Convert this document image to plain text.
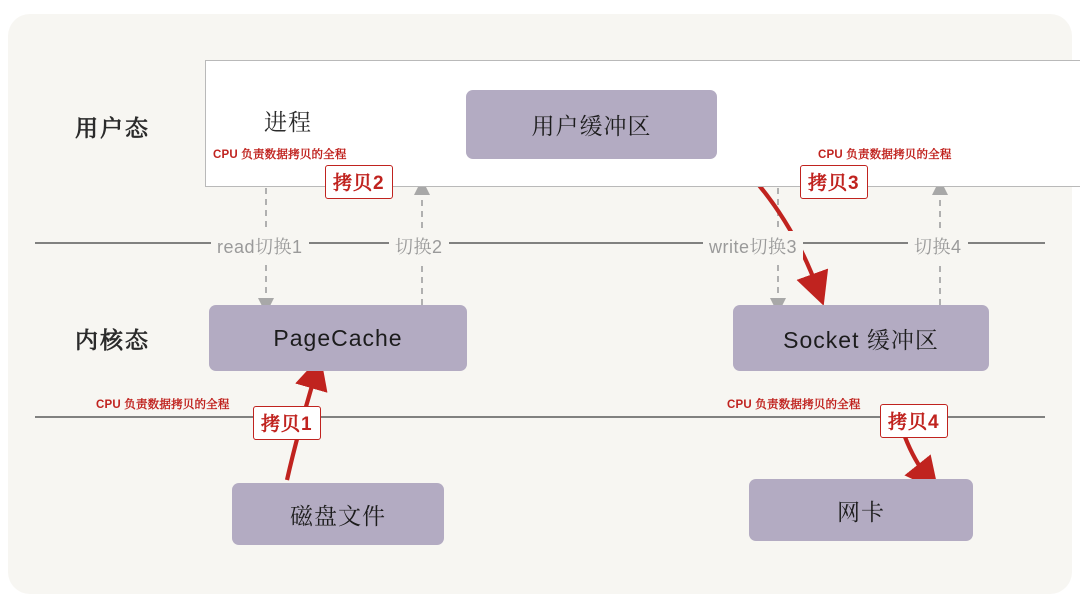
用户态
内核态
进程	用户缓冲区
PageCache	Socket 缓冲区
磁盘文件	网卡
CPU 负责数据拷贝的全程	CPU 负责数据拷贝的全程
CPU 负责数据拷贝的全程	CPU 负责数据拷贝的全程
拷贝1
拷贝2	拷贝3
拷贝4
read切换1	切换2	write切换3	切换4
